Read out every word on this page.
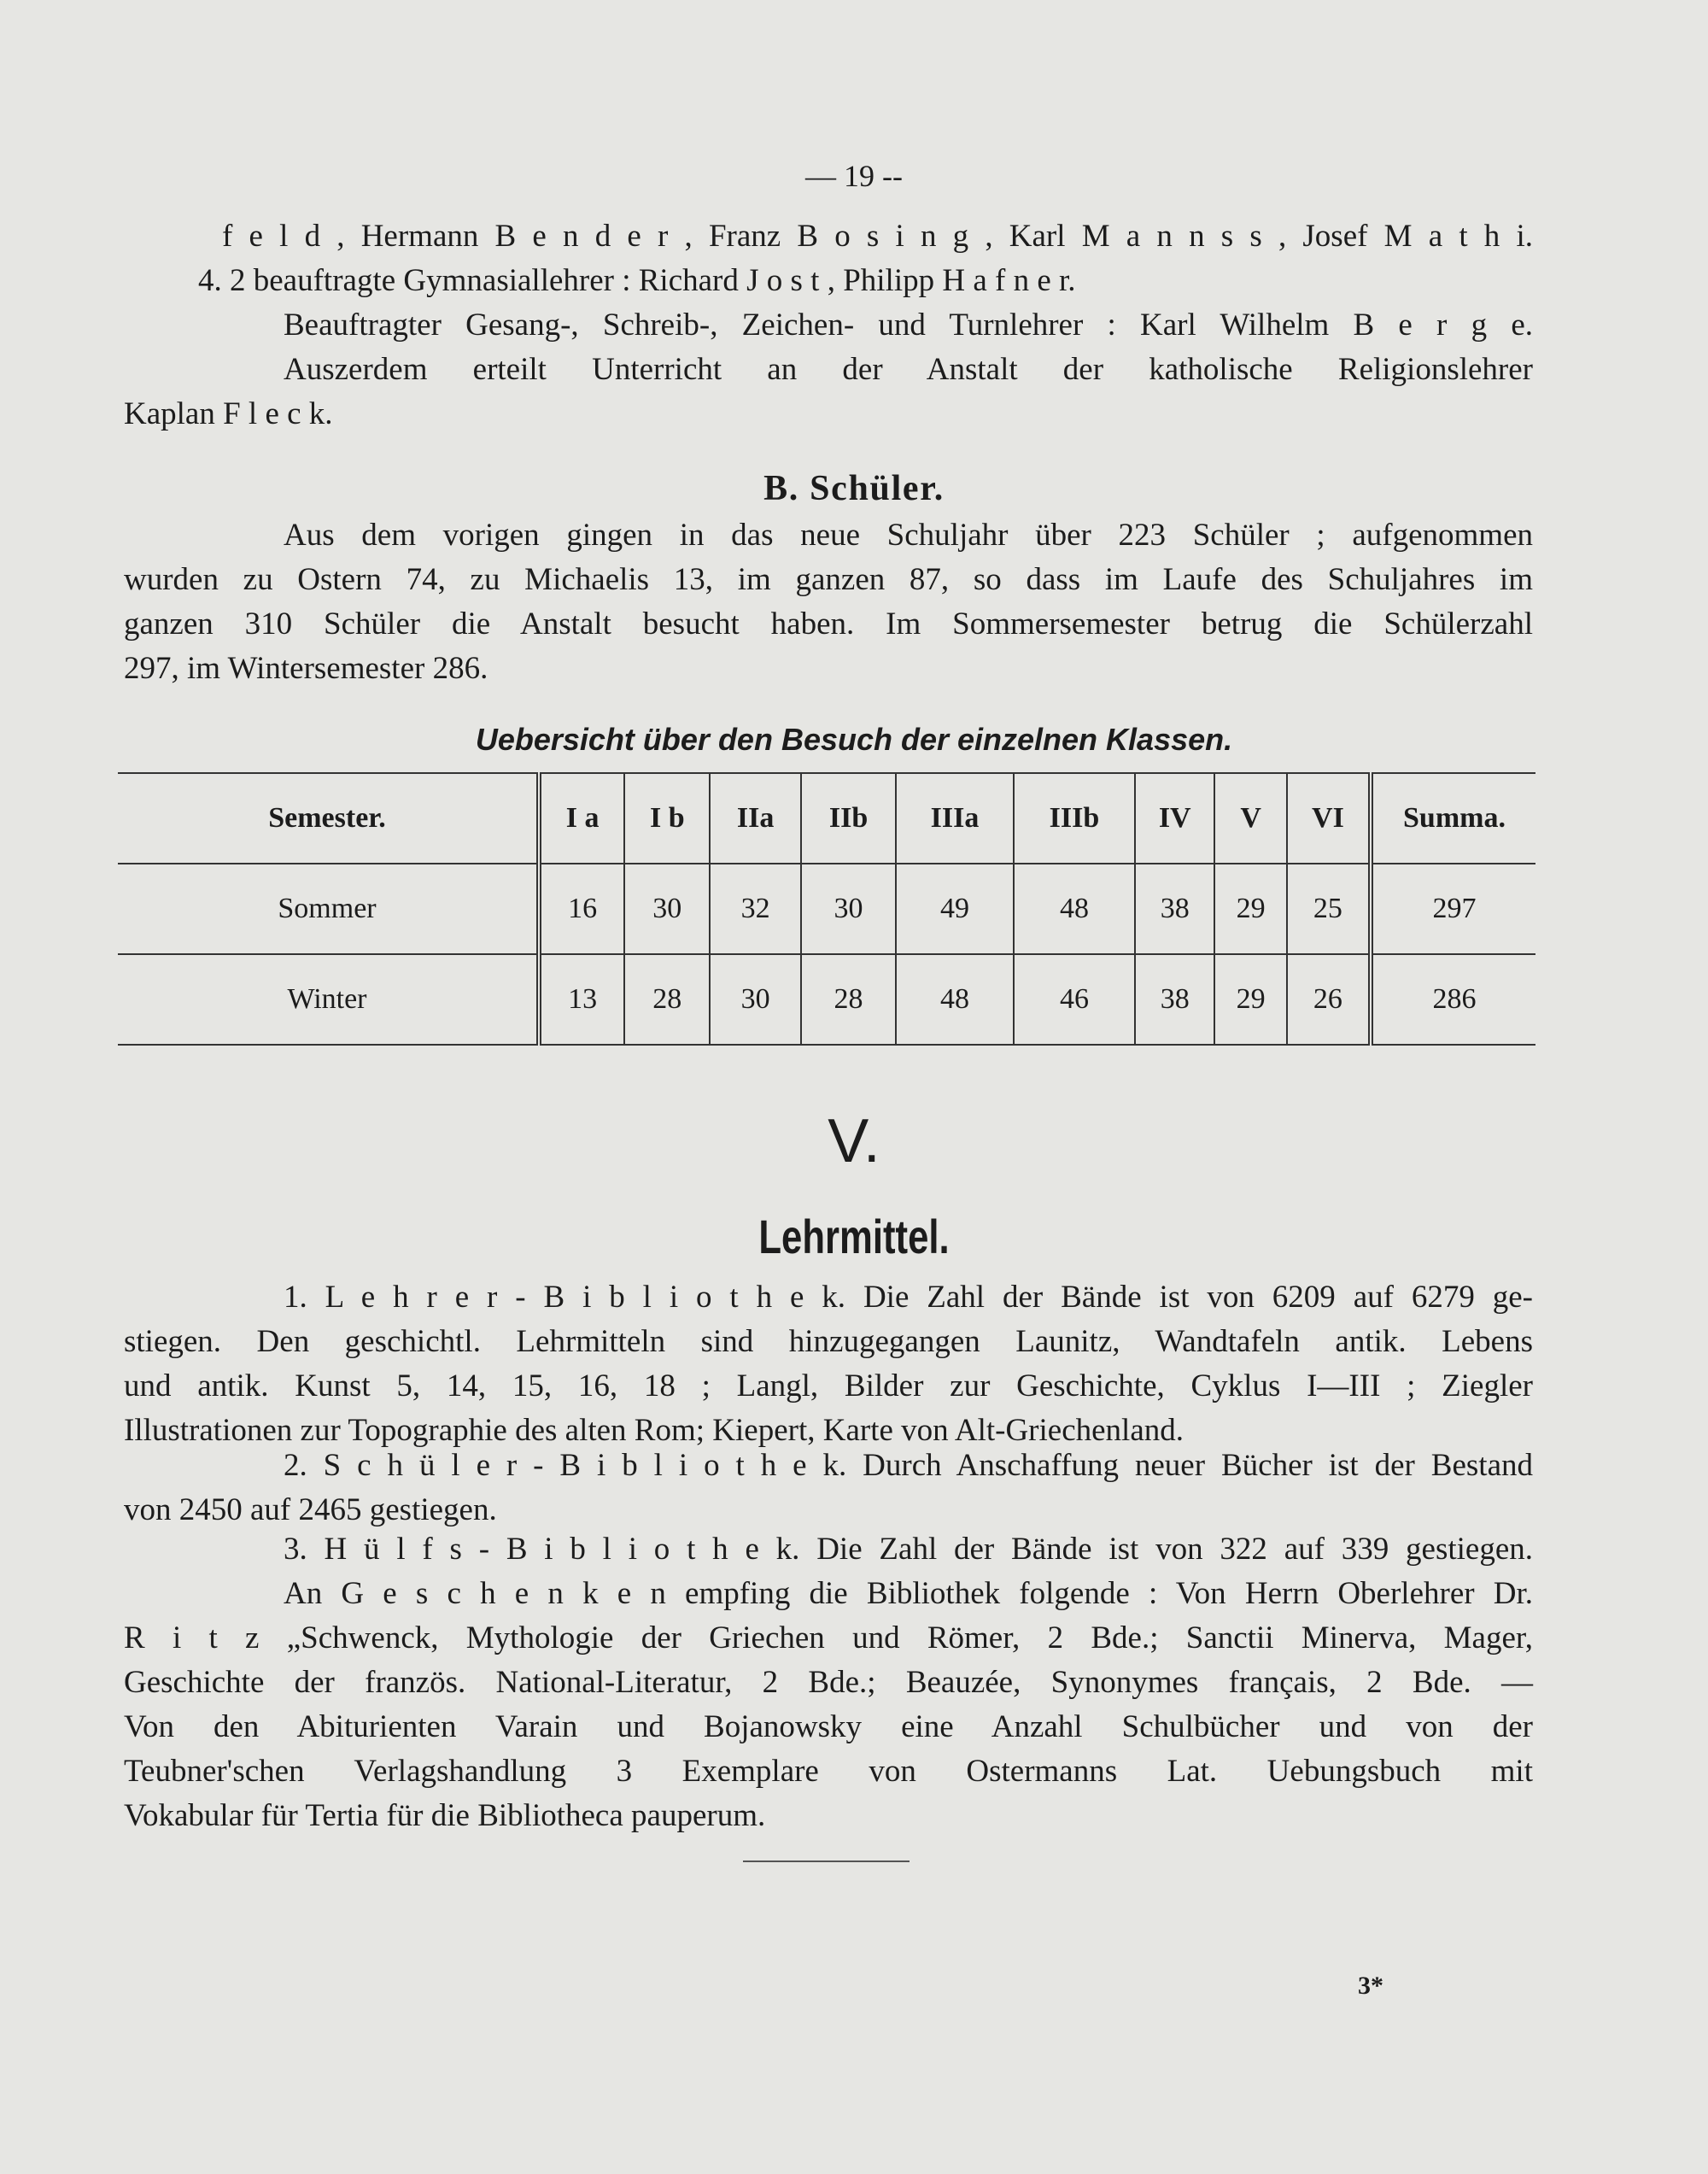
— 19 --
f e l d , Hermann B e n d e r , Franz B o s i n g , Karl M a n n s s , Josef M a t h i.
4. 2 beauftragte Gymnasiallehrer : Richard J o s t , Philipp H a f n e r.
Beauftragter Gesang-, Schreib-, Zeichen- und Turnlehrer : Karl Wilhelm B e r g e.
Auszerdem erteilt Unterricht an der Anstalt der katholische Religionslehrer
Kaplan F l e c k.
B. Schüler.
Aus dem vorigen gingen in das neue Schuljahr über 223 Schüler ; aufgenommen
wurden zu Ostern 74, zu Michaelis 13, im ganzen 87, so dass im Laufe des Schuljahres im
ganzen 310 Schüler die Anstalt besucht haben. Im Sommersemester betrug die Schülerzahl
297, im Wintersemester 286.
Uebersicht über den Besuch der einzelnen Klassen.
Semester.	I a	I b	IIa	IIb	IIIa	IIIb	IV	V	VI	Summa.
Sommer	16	30	32	30	49	48	38	29	25	297
Winter	13	28	30	28	48	46	38	29	26	286
V.
Lehrmittel.
1. L e h r e r - B i b l i o t h e k. Die Zahl der Bände ist von 6209 auf 6279 ge-
stiegen. Den geschichtl. Lehrmitteln sind hinzugegangen Launitz, Wandtafeln antik. Lebens
und antik. Kunst 5, 14, 15, 16, 18 ; Langl, Bilder zur Geschichte, Cyklus I—III ; Ziegler
Illustrationen zur Topographie des alten Rom; Kiepert, Karte von Alt-Griechenland.
2. S c h ü l e r - B i b l i o t h e k. Durch Anschaffung neuer Bücher ist der Bestand
von 2450 auf 2465 gestiegen.
3. H ü l f s - B i b l i o t h e k. Die Zahl der Bände ist von 322 auf 339 gestiegen.
An G e s c h e n k e n empfing die Bibliothek folgende : Von Herrn Oberlehrer Dr.
R i t z „Schwenck, Mythologie der Griechen und Römer, 2 Bde.; Sanctii Minerva, Mager,
Geschichte der französ. National-Literatur, 2 Bde.; Beauzée, Synonymes français, 2 Bde. —
Von den Abiturienten Varain und Bojanowsky eine Anzahl Schulbücher und von der
Teubner'schen Verlagshandlung 3 Exemplare von Ostermanns Lat. Uebungsbuch mit
Vokabular für Tertia für die Bibliotheca pauperum.
3*
